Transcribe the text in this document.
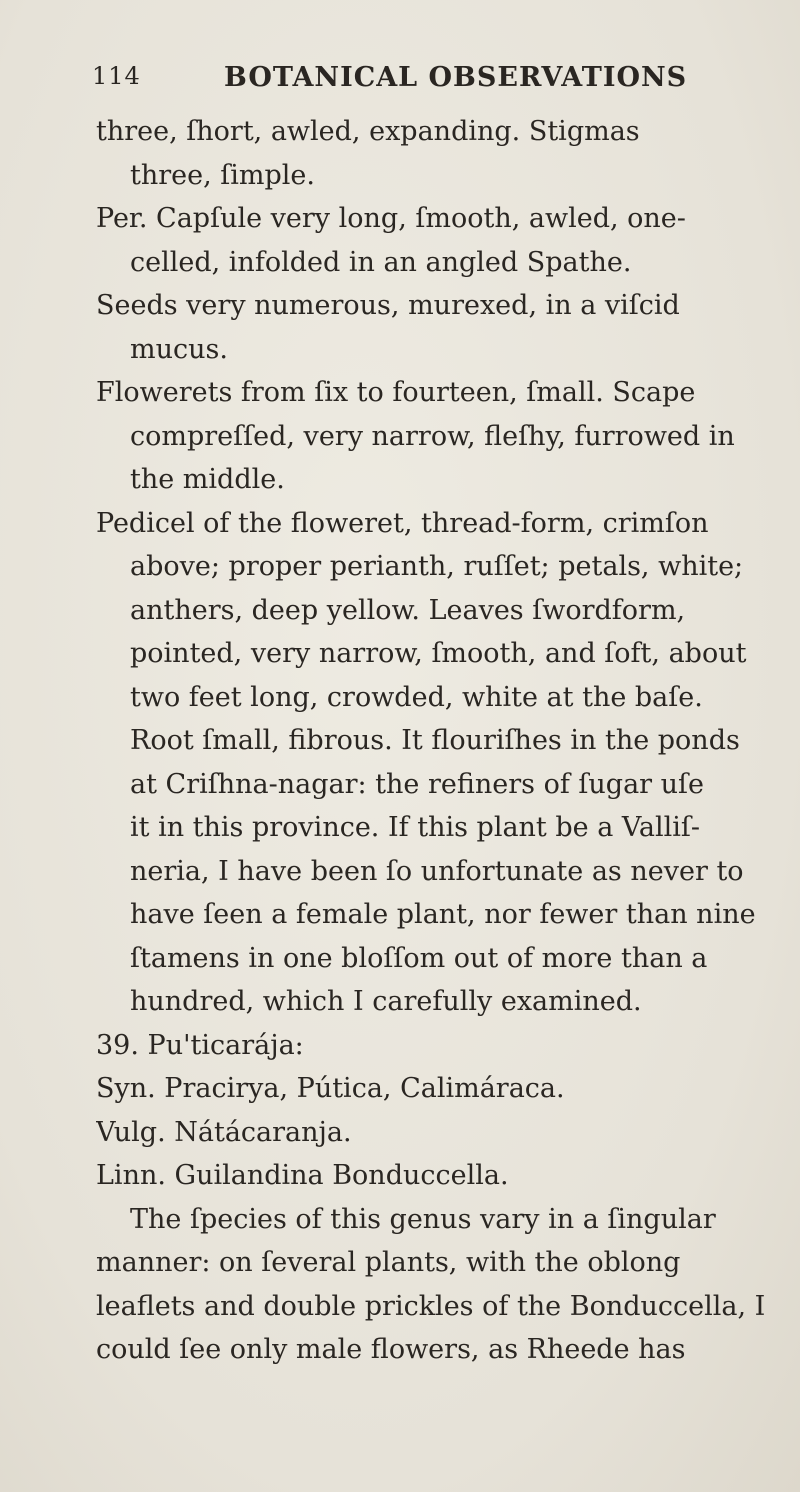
114	BOTANICAL OBSERVATIONS
three, ſhort, awled, expanding. Stigmas
three, ſimple.
Per. Capſule very long, ſmooth, awled, one-
celled, infolded in an angled Spathe.
Seeds very numerous, murexed, in a viſcid
mucus.
Flowerets from ſix to fourteen, ſmall. Scape
compreſſed, very narrow, fleſhy, furrowed in
the middle.
Pedicel of the floweret, thread-form, crimſon
above; proper perianth, ruſſet; petals, white;
anthers, deep yellow. Leaves ſwordform,
pointed, very narrow, ſmooth, and ſoft, about
two feet long, crowded, white at the baſe.
Root ſmall, fibrous. It flouriſhes in the ponds
at Criſhna-nagar: the refiners of ſugar uſe
it in this province. If this plant be a Valliſ-
neria, I have been ſo unfortunate as never to
have ſeen a female plant, nor fewer than nine
ſtamens in one bloſſom out of more than a
hundred, which I carefully examined.
39. Pu'ticarája:
Syn. Pracirya, Pútica, Calimáraca.
Vulg. Nátácaranja.
Linn. Guilandina Bonduccella.
The ſpecies of this genus vary in a ſingular
manner: on ſeveral plants, with the oblong
leaflets and double prickles of the Bonduccella, I
could ſee only male flowers, as Rheede has
